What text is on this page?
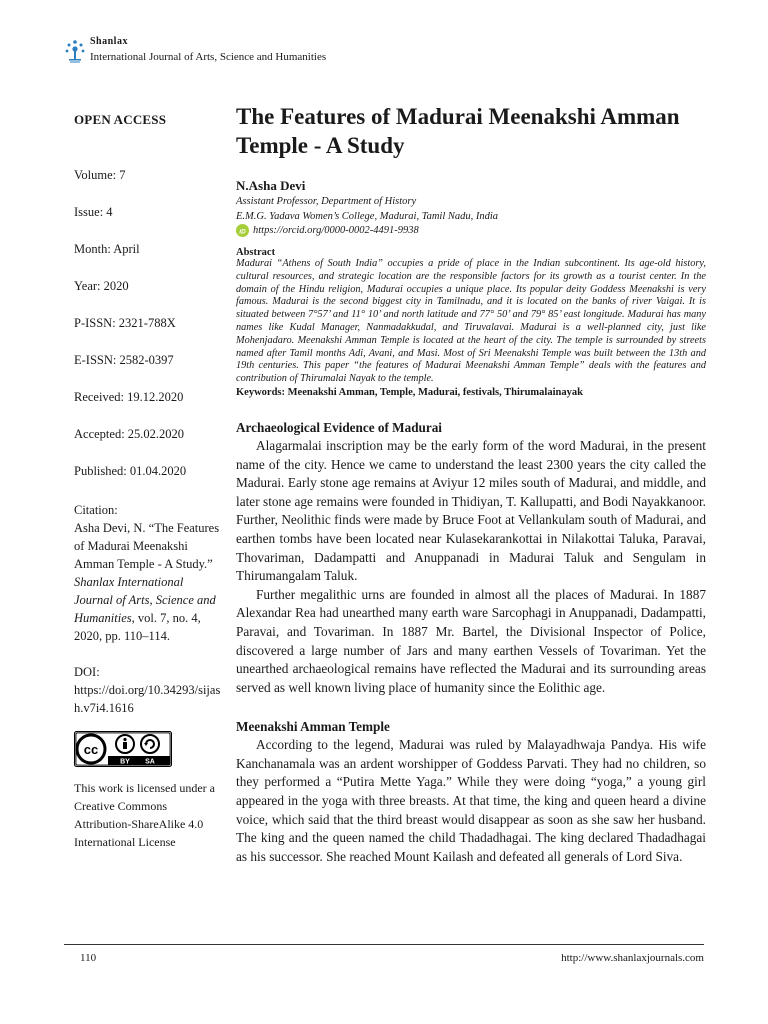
Shanlax
International Journal of Arts, Science and Humanities
OPEN ACCESS
Volume: 7
Issue: 4
Month: April
Year: 2020
P-ISSN: 2321-788X
E-ISSN: 2582-0397
Received: 19.12.2020
Accepted: 25.02.2020
Published: 01.04.2020
Citation:
Asha Devi, N. “The Features of Madurai Meenakshi Amman Temple - A Study.” Shanlax International Journal of Arts, Science and Humanities, vol. 7, no. 4, 2020, pp. 110–114.
DOI:
https://doi.org/10.34293/sijash.v7i4.1616
cc
BY SA
This work is licensed under a Creative Commons Attribution-ShareAlike 4.0 International License
The Features of Madurai Meenakshi Amman Temple - A Study
N.Asha Devi
Assistant Professor, Department of History
E.M.G. Yadava Women’s College, Madurai, Tamil Nadu, India
iD https://orcid.org/0000-0002-4491-9938
Abstract

Madurai “Athens of South India” occupies a pride of place in the Indian subcontinent. Its age-old history, cultural resources, and strategic location are the responsible factors for its growth as a tourist center. In the domain of the Hindu religion, Madurai occupies a unique place. Its popular deity Goddess Meenakshi is very famous. Madurai is the second biggest city in Tamilnadu, and it is located on the banks of river Vaigai. It is situated between 7°57’ and 11° 10’ and north latitude and 77° 50’ and 79° 85’ east longitude. Madurai has many names like Kudal Manager, Nanmadakkudal, and Tiruvalavai. Madurai is a well-planned city, just like Mohenjadaro. Meenakshi Amman Temple is located at the heart of the city. The temple is surrounded by streets named after Tamil months Adi, Avani, and Masi. Most of Sri Meenakshi Temple was built between the 13th and 19th centuries. This paper “the features of Madurai Meenakshi Amman Temple” deals with the features and contribution of Thirumalai Nayak to the temple.

Keywords: Meenakshi Amman, Temple, Madurai, festivals, Thirumalainayak
Archaeological Evidence of Madurai

Alagarmalai inscription may be the early form of the word Madurai, in the present name of the city. Hence we came to understand the least 2300 years the city called the Madurai. Early stone age remains at Aviyur 12 miles south of Madurai, and middle, and later stone age remains were founded in Thidiyan, T. Kallupatti, and Bodi Nayakkanoor. Further, Neolithic finds were made by Bruce Foot at Vellankulam south of Madurai, and earthen tombs have been located near Kulasekarankottai in Nilakottai Taluka, Paravai, Thovariman, Dadampatti and Anuppanadi in Madurai Taluk and Sengulam in Thirumangalam Taluk.

Further megalithic urns are founded in almost all the places of Madurai. In 1887 Alexandar Rea had unearthed many earth ware Sarcophagi in Anuppanadi, Dadampatti, Paravai, and Tovariman. In 1887 Mr. Bartel, the Divisional Inspector of Police, discovered a large number of Jars and many earthen Vessels of Tovariman. Yet the unearthed archaeological remains have reflected the Madurai and its surrounding areas served as well known living place of humanity since the Eolithic age.

Meenakshi Amman Temple

According to the legend, Madurai was ruled by Malayadhwaja Pandya. His wife Kanchanamala was an ardent worshipper of Goddess Parvati. They had no children, so they performed a “Putira Mette Yaga.” While they were doing “yoga,” a young girl appeared in the yoga with three breasts. At that time, the king and queen heard a divine voice, which said that the third breast would disappear as soon as she saw her husband. The king and the queen named the child Thadadhagai. The king declared Thadadhagai as his successor. She reached Mount Kailash and defeated all generals of Lord Siva.

110	http://www.shanlaxjournals.com
